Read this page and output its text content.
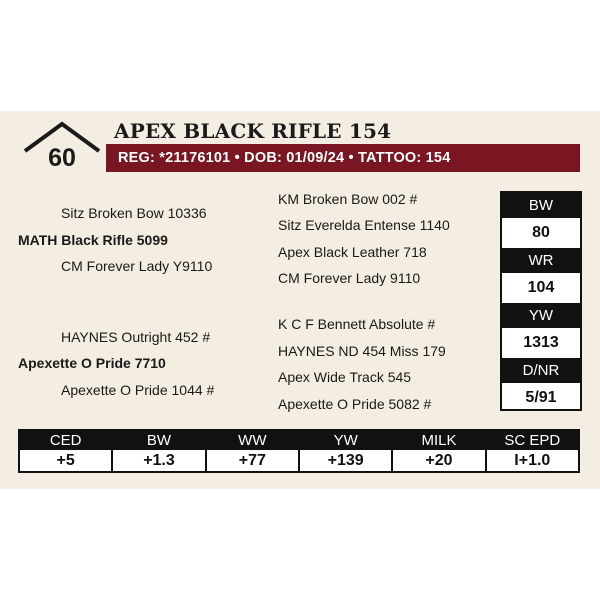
60
APEX BLACK RIFLE 154
REG: *21176101 • DOB: 01/09/24 • TATTOO: 154
Sitz Broken Bow 10336
MATH Black Rifle 5099
CM Forever Lady Y9110
HAYNES Outright 452 #
Apexette O Pride 7710
Apexette O Pride 1044 #
KM Broken Bow 002 #
Sitz Everelda Entense 1140
Apex Black Leather 718
CM Forever Lady 9110
K C F Bennett Absolute #
HAYNES ND 454 Miss 179
Apex Wide Track 545
Apexette O Pride 5082 #
BW
80
WR
104
YW
1313
D/NR
5/91
CED
+5
BW
+1.3
WW
+77
YW
+139
MILK
+20
SC EPD
I+1.0
